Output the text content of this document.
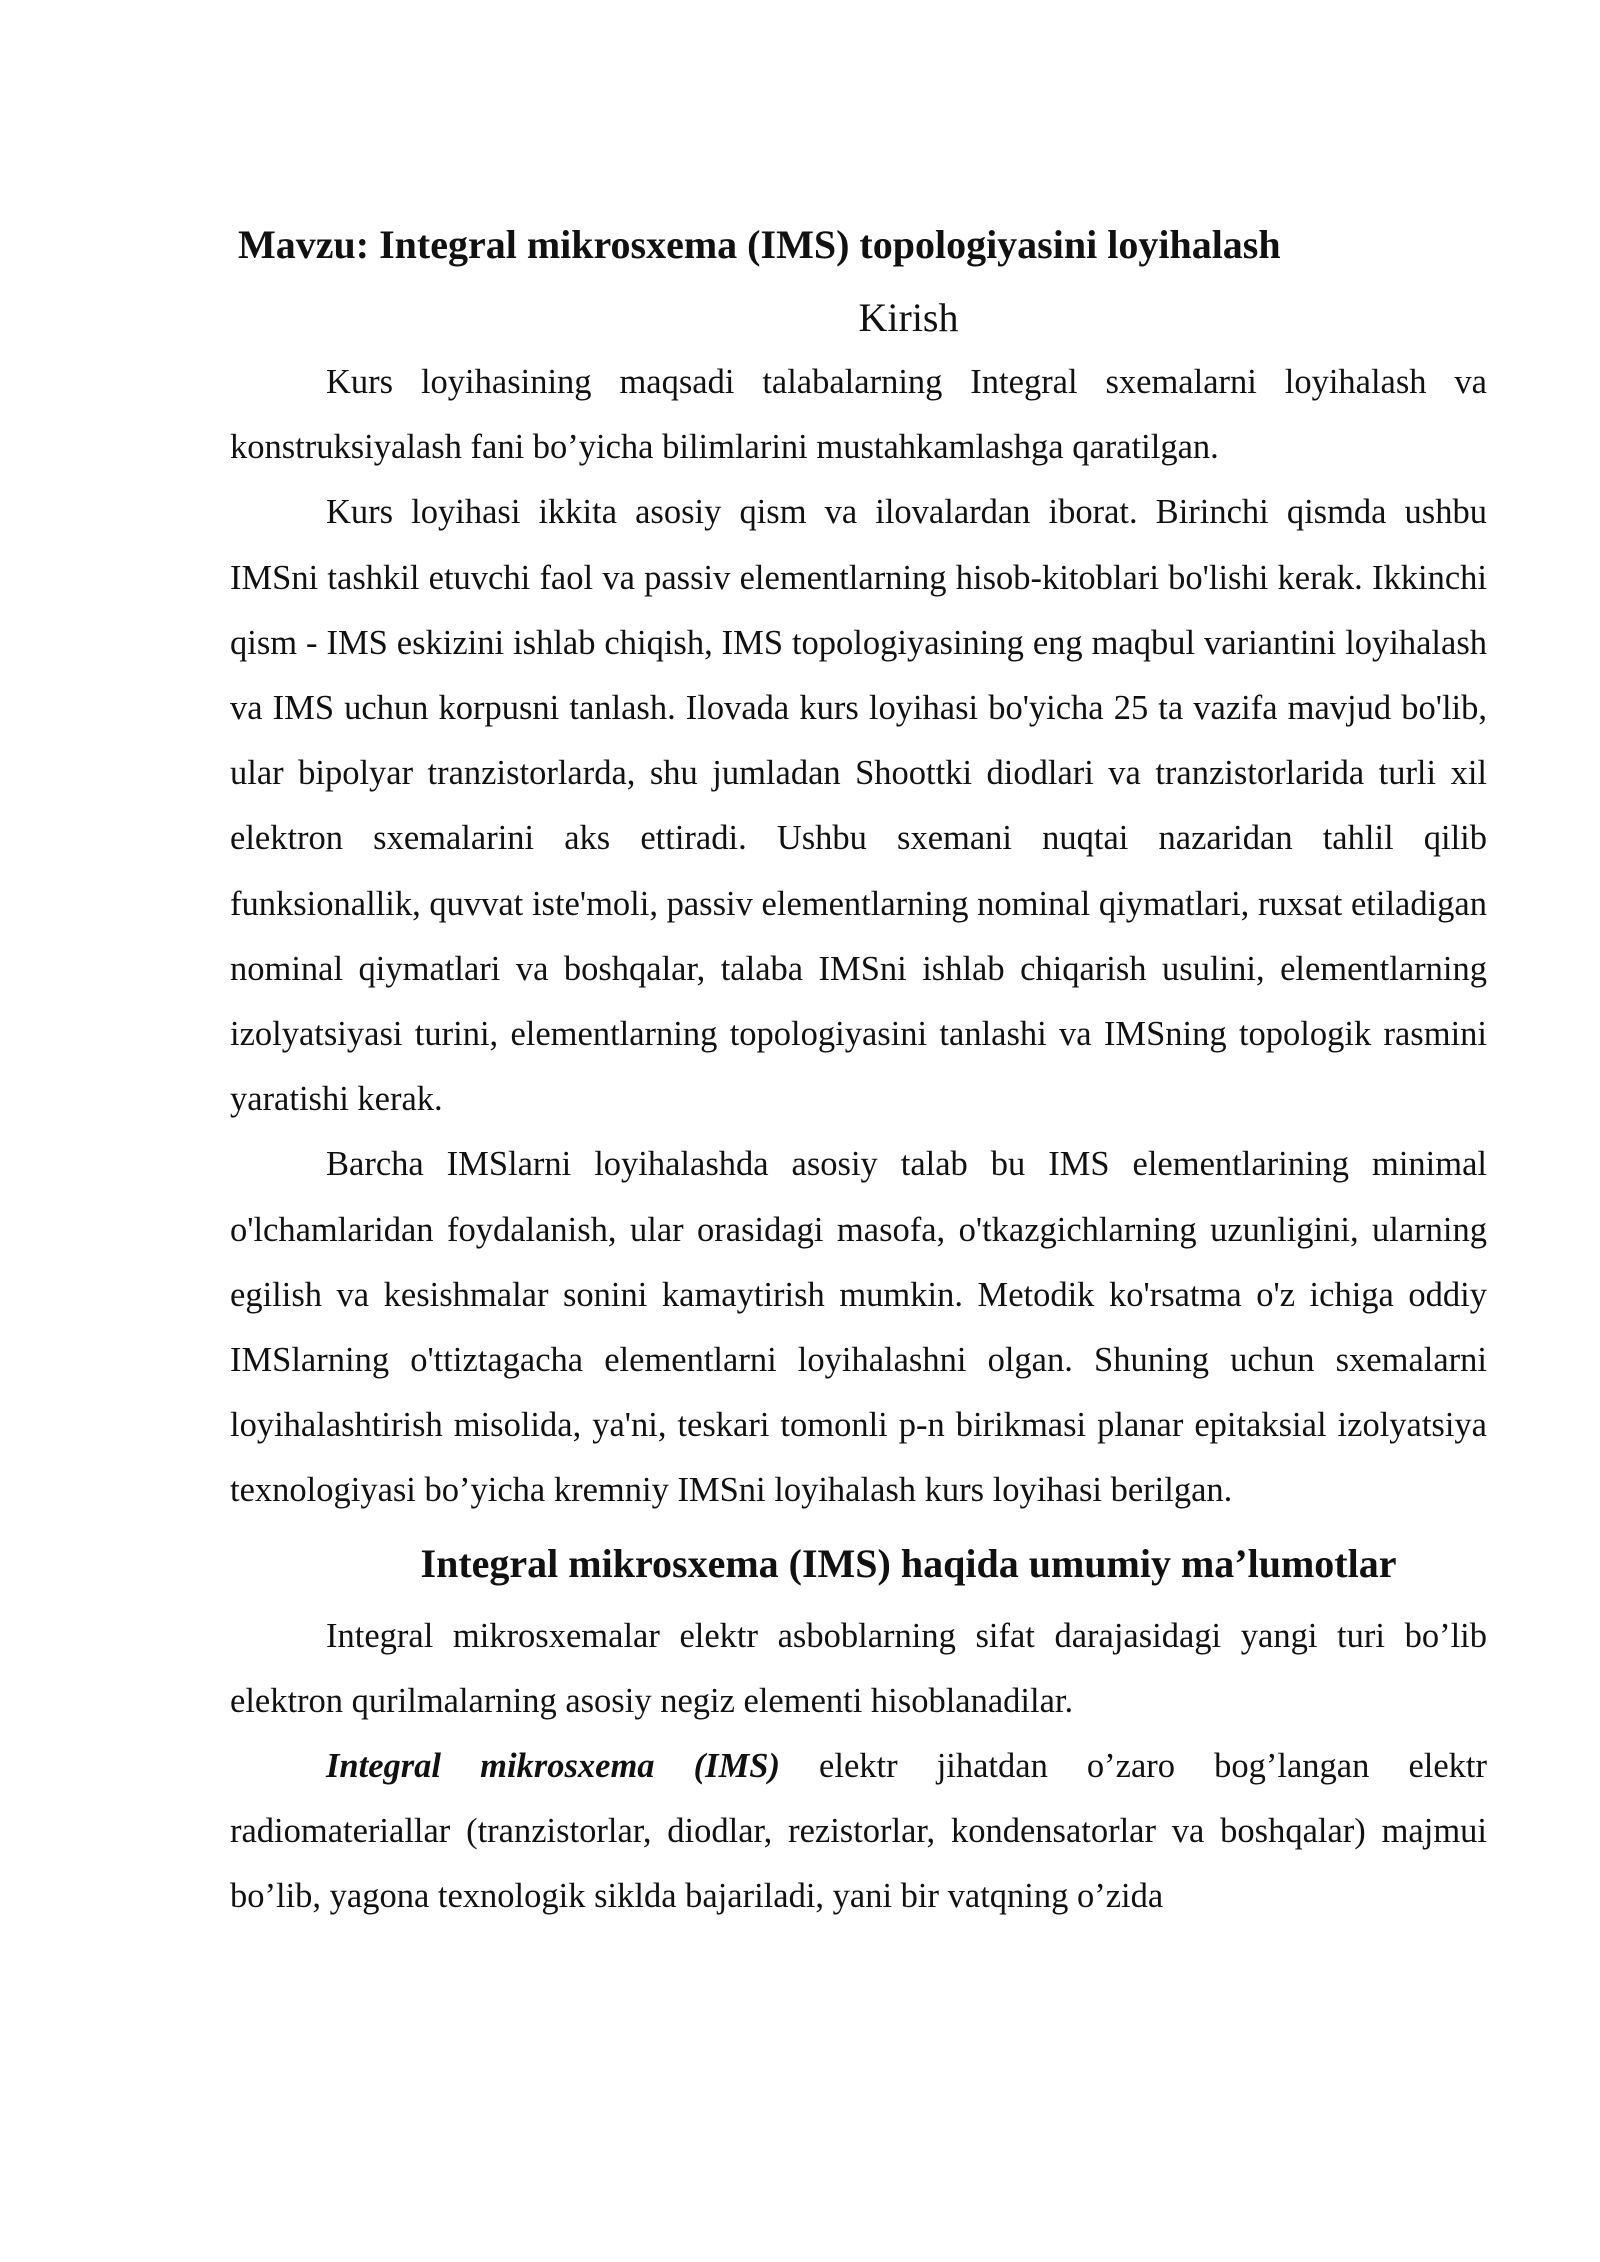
Mavzu: Integral mikrosxema (IMS) topologiyasini loyihalash
Kirish

Kurs loyihasining maqsadi talabalarning Integral sxemalarni loyihalash va konstruksiyalash fani bo’yicha bilimlarini mustahkamlashga qaratilgan.

Kurs loyihasi ikkita asosiy qism va ilovalardan iborat. Birinchi qismda ushbu IMSni tashkil etuvchi faol va passiv elementlarning hisob-kitoblari bo'lishi kerak. Ikkinchi qism - IMS eskizini ishlab chiqish, IMS topologiyasining eng maqbul variantini loyihalash va IMS uchun korpusni tanlash. Ilovada kurs loyihasi bo'yicha 25 ta vazifa mavjud bo'lib, ular bipolyar tranzistorlarda, shu jumladan Shoottki diodlari va tranzistorlarida turli xil elektron sxemalarini aks ettiradi. Ushbu sxemani nuqtai nazaridan tahlil qilib funksionallik, quvvat iste'moli, passiv elementlarning nominal qiymatlari, ruxsat etiladigan nominal qiymatlari va boshqalar, talaba IMSni ishlab chiqarish usulini, elementlarning izolyatsiyasi turini, elementlarning topologiyasini tanlashi va IMSning topologik rasmini yaratishi kerak.

Barcha IMSlarni loyihalashda asosiy talab bu IMS elementlarining minimal o'lchamlaridan foydalanish, ular orasidagi masofa, o'tkazgichlarning uzunligini, ularning egilish va kesishmalar sonini kamaytirish mumkin. Metodik ko'rsatma o'z ichiga oddiy IMSlarning o'ttiztagacha elementlarni loyihalashni olgan. Shuning uchun sxemalarni loyihalashtirish misolida, ya'ni, teskari tomonli p-n birikmasi planar epitaksial izolyatsiya texnologiyasi bo’yicha kremniy IMSni loyihalash kurs loyihasi berilgan.

Integral mikrosxema (IMS) haqida umumiy ma’lumotlar

Integral mikrosxemalar elektr asboblarning sifat darajasidagi yangi turi bo’lib elektron qurilmalarning asosiy negiz elementi hisoblanadilar.

Integral mikrosxema (IMS) elektr jihatdan o’zaro bog’langan elektr radiomateriallar (tranzistorlar, diodlar, rezistorlar, kondensatorlar va boshqalar) majmui bo’lib, yagona texnologik siklda bajariladi, yani bir vatqning o’zida
